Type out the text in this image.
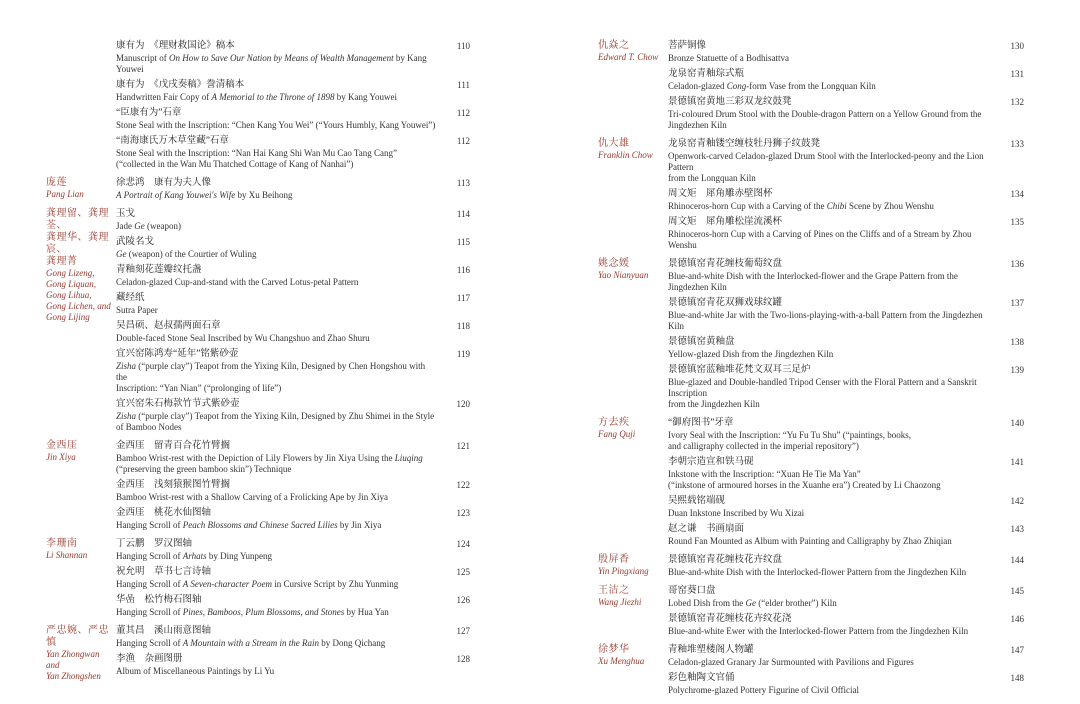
康有为　《理财救国论》稿本
Manuscript of On How to Save Our Nation by Means of Wealth Management by Kang Youwei
110
康有为　《戊戌奏稿》誊清稿本
Handwritten Fair Copy of A Memorial to the Throne of 1898 by Kang Youwei
111
“臣康有为”石章
Stone Seal with the Inscription: “Chen Kang You Wei” (“Yours Humbly, Kang Youwei”)
112
“南海康氏万木草堂藏”石章
Stone Seal with the Inscription: “Nan Hai Kang Shi Wan Mu Cao Tang Cang”
(“collected in the Wan Mu Thatched Cottage of Kang of Nanhai”)
112
庞莲
Pang Lian
徐悲鸿　康有为夫人像
A Portrait of Kang Youwei's Wife by Xu Beihong
113
龚理留、龚理荃、
龚理华、龚理宸、
龚理菁
Gong Lizeng,
Gong Liquan,
Gong Lihua,
Gong Lichen, and
Gong Lijing
玉戈
Jade Ge (weapon)
114
武陵名戈
Ge (weapon) of the Courtier of Wuling
115
青釉刻花莲瓣纹托盏
Celadon-glazed Cup-and-stand with the Carved Lotus-petal Pattern
116
藏经纸
Sutra Paper
117
吴昌硕、赵叔孺两面石章
Double-faced Stone Seal Inscribed by Wu Changshuo and Zhao Shuru
118
宜兴窑陈鸿寿“延年”铭紫砂壶
Zisha (“purple clay”) Teapot from the Yixing Kiln, Designed by Chen Hongshou with the
Inscription: “Yan Nian” (“prolonging of life”)
119
宜兴窑朱石梅款竹节式紫砂壶
Zisha (“purple clay”) Teapot from the Yixing Kiln, Designed by Zhu Shimei in the Style of Bamboo Nodes
120
金西厓
Jin Xiya
金西厓　留青百合花竹臂搁
Bamboo Wrist-rest with the Depiction of Lily Flowers by Jin Xiya Using the Liuqing
(“preserving the green bamboo skin”) Technique
121
金西厓　浅刻猿猴图竹臂搁
Bamboo Wrist-rest with a Shallow Carving of a Frolicking Ape by Jin Xiya
122
金西厓　桃花水仙图轴
Hanging Scroll of Peach Blossoms and Chinese Sacred Lilies by Jin Xiya
123
李珊南
Li Shannan
丁云鹏　罗汉图轴
Hanging Scroll of Arhats by Ding Yunpeng
124
祝允明　草书七言诗轴
Hanging Scroll of A Seven-character Poem in Cursive Script by Zhu Yunming
125
华嵒　松竹梅石图轴
Hanging Scroll of Pines, Bamboos, Plum Blossoms, and Stones by Hua Yan
126
严忠婉、严忠慎
Yan Zhongwan and
Yan Zhongshen
董其昌　溪山雨意图轴
Hanging Scroll of A Mountain with a Stream in the Rain by Dong Qichang
127
李渔　杂画图册
Album of Miscellaneous Paintings by Li Yu
128
仇焱之
Edward T. Chow
菩萨铜像
Bronze Statuette of a Bodhisattva
130
龙泉窑青釉琮式瓶
Celadon-glazed Cong-form Vase from the Longquan Kiln
131
景德镇窑黄地三彩双龙纹鼓凳
Tri-coloured Drum Stool with the Double-dragon Pattern on a Yellow Ground from the Jingdezhen Kiln
132
仇大雄
Franklin Chow
龙泉窑青釉镂空缠枝牡丹狮子纹鼓凳
Openwork-carved Celadon-glazed Drum Stool with the Interlocked-peony and the Lion Pattern
from the Longquan Kiln
133
周文矩　犀角雕赤壁图杯
Rhinoceros-horn Cup with a Carving of the Chibi Scene by Zhou Wenshu
134
周文矩　犀角雕松崖流溪杯
Rhinoceros-horn Cup with a Carving of Pines on the Cliffs and of a Stream by Zhou Wenshu
135
姚念媛
Yao Nianyuan
景德镇窑青花缠枝葡萄纹盘
Blue-and-white Dish with the Interlocked-flower and the Grape Pattern from the Jingdezhen Kiln
136
景德镇窑青花双狮戏球纹罐
Blue-and-white Jar with the Two-lions-playing-with-a-ball Pattern from the Jingdezhen Kiln
137
景德镇窑黄釉盘
Yellow-glazed Dish from the Jingdezhen Kiln
138
景德镇窑蓝釉堆花梵文双耳三足炉
Blue-glazed and Double-handled Tripod Censer with the Floral Pattern and a Sanskrit Inscription
from the Jingdezhen Kiln
139
方去疾
Fang Quji
“御府图书”牙章
Ivory Seal with the Inscription: “Yu Fu Tu Shu” (“paintings, books,
and calligraphy collected in the imperial repository”)
140
李朝宗造宣和铁马砚
Inkstone with the Inscription: “Xuan He Tie Ma Yan”
(“inkstone of armoured horses in the Xuanhe era”) Created by Li Chaozong
141
吴熙载铭端砚
Duan Inkstone Inscribed by Wu Xizai
142
赵之谦　书画扇面
Round Fan Mounted as Album with Painting and Calligraphy by Zhao Zhiqian
143
殷屏香
Yin Pingxiang
景德镇窑青花缠枝花卉纹盘
Blue-and-white Dish with the Interlocked-flower Pattern from the Jingdezhen Kiln
144
王洁之
Wang Jiezhi
哥窑葵口盘
Lobed Dish from the Ge (“elder brother”) Kiln
145
景德镇窑青花缠枝花卉纹花浇
Blue-and-white Ewer with the Interlocked-flower Pattern from the Jingdezhen Kiln
146
徐梦华
Xu Menghua
青釉堆塑楼阁人物罐
Celadon-glazed Granary Jar Surmounted with Pavilions and Figures
147
彩色釉陶文官俑
Polychrome-glazed Pottery Figurine of Civil Official
148
